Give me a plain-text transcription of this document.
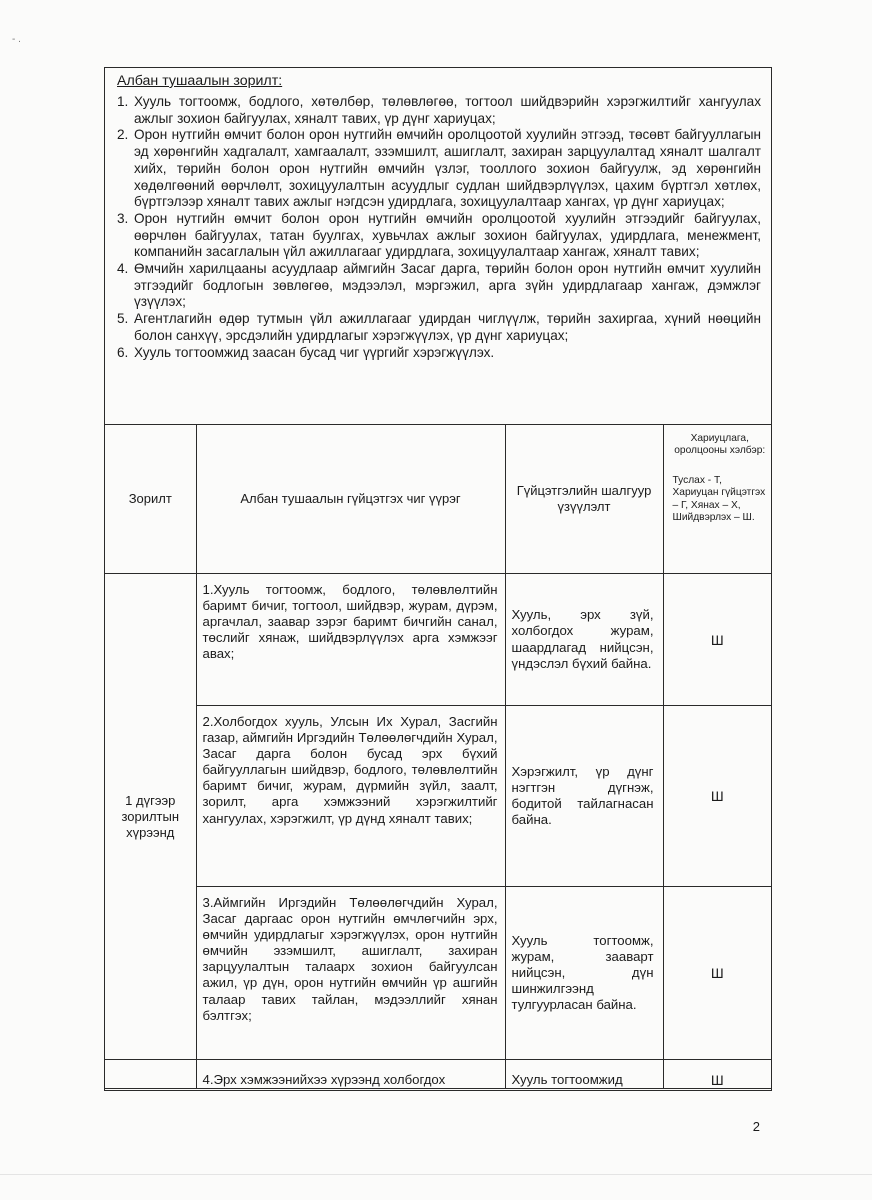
- .
Албан тушаалын зорилт:
1. Хууль тогтоомж, бодлого, хөтөлбөр, төлөвлөгөө, тогтоол шийдвэрийн хэрэгжилтийг хангуулах ажлыг зохион байгуулах, хяналт тавих, үр дүнг хариуцах;
2. Орон нутгийн өмчит болон орон нутгийн өмчийн оролцоотой хуулийн этгээд, төсөвт байгууллагын эд хөрөнгийн хадгалалт, хамгаалалт, эзэмшилт, ашиглалт, захиран зарцуулалтад хяналт шалгалт хийх, төрийн болон орон нутгийн өмчийн үзлэг, тооллого зохион байгуулж, эд хөрөнгийн хөдөлгөөний өөрчлөлт, зохицуулалтын асуудлыг судлан шийдвэрлүүлэх, цахим бүртгэл хөтлөх, бүртгэлээр хяналт тавих ажлыг нэгдсэн удирдлага, зохицуулалтаар хангах, үр дүнг хариуцах;
3. Орон нутгийн өмчит болон орон нутгийн өмчийн оролцоотой хуулийн этгээдийг байгуулах, өөрчлөн байгуулах, татан буулгах, хувьчлах ажлыг зохион байгуулах, удирдлага, менежмент, компанийн засаглалын үйл ажиллагааг удирдлага, зохицуулалтаар хангаж, хяналт тавих;
4. Өмчийн харилцааны асуудлаар аймгийн Засаг дарга, төрийн болон орон нутгийн өмчит хуулийн этгээдийг бодлогын зөвлөгөө, мэдээлэл, мэргэжил, арга зүйн удирдлагаар хангаж, дэмжлэг үзүүлэх;
5. Агентлагийн өдөр тутмын үйл ажиллагааг удирдан чиглүүлж, төрийн захиргаа, хүний нөөцийн болон санхүү, эрсдэлийн удирдлагыг хэрэгжүүлэх, үр дүнг хариуцах;
6. Хууль тогтоомжид заасан бусад чиг үүргийг хэрэгжүүлэх.
Зорилт	Албан тушаалын гүйцэтгэх чиг үүрэг	Гүйцэтгэлийн шалгуур үзүүлэлт	Хариуцлага, оролцооны хэлбэр:
Туслах - Т, Хариуцан гүйцэтгэх – Г, Хянах – Х, Шийдвэрлэх – Ш.

1 дүгээр зорилтын хүрээнд	1.Хууль тогтоомж, бодлого, төлөвлөлтийн баримт бичиг, тогтоол, шийдвэр, журам, дүрэм, аргачлал, заавар зэрэг баримт бичгийн санал, төслийг хянаж, шийдвэрлүүлэх арга хэмжээг авах;	Хууль, эрх зүй, холбогдох журам, шаардлагад нийцсэн, үндэслэл бүхий байна.	Ш
	2.Холбогдох хууль, Улсын Их Хурал, Засгийн газар, аймгийн Иргэдийн Төлөөлөгчдийн Хурал, Засаг дарга болон бусад эрх бүхий байгууллагын шийдвэр, бодлого, төлөвлөлтийн баримт бичиг, журам, дүрмийн зүйл, заалт, зорилт, арга хэмжээний хэрэгжилтийг хангуулах, хэрэгжилт, үр дүнд хяналт тавих;	Хэрэгжилт, үр дүнг нэгтгэн дүгнэж, бодитой тайлагнасан байна.	Ш
	3.Аймгийн Иргэдийн Төлөөлөгчдийн Хурал, Засаг даргаас орон нутгийн өмчлөгчийн эрх, өмчийн удирдлагыг хэрэгжүүлэх, орон нутгийн өмчийн эзэмшилт, ашиглалт, захиран зарцуулалтын талаарх зохион байгуулсан ажил, үр дүн, орон нутгийн өмчийн үр ашгийн талаар тавих тайлан, мэдээллийг хянан бэлтгэх;	Хууль тогтоомж, журам, зааварт нийцсэн, дүн шинжилгээнд тулгуурласан байна.	Ш
	4.Эрх хэмжээнийхээ хүрээнд холбогдох	Хууль тогтоомжид	Ш
2
